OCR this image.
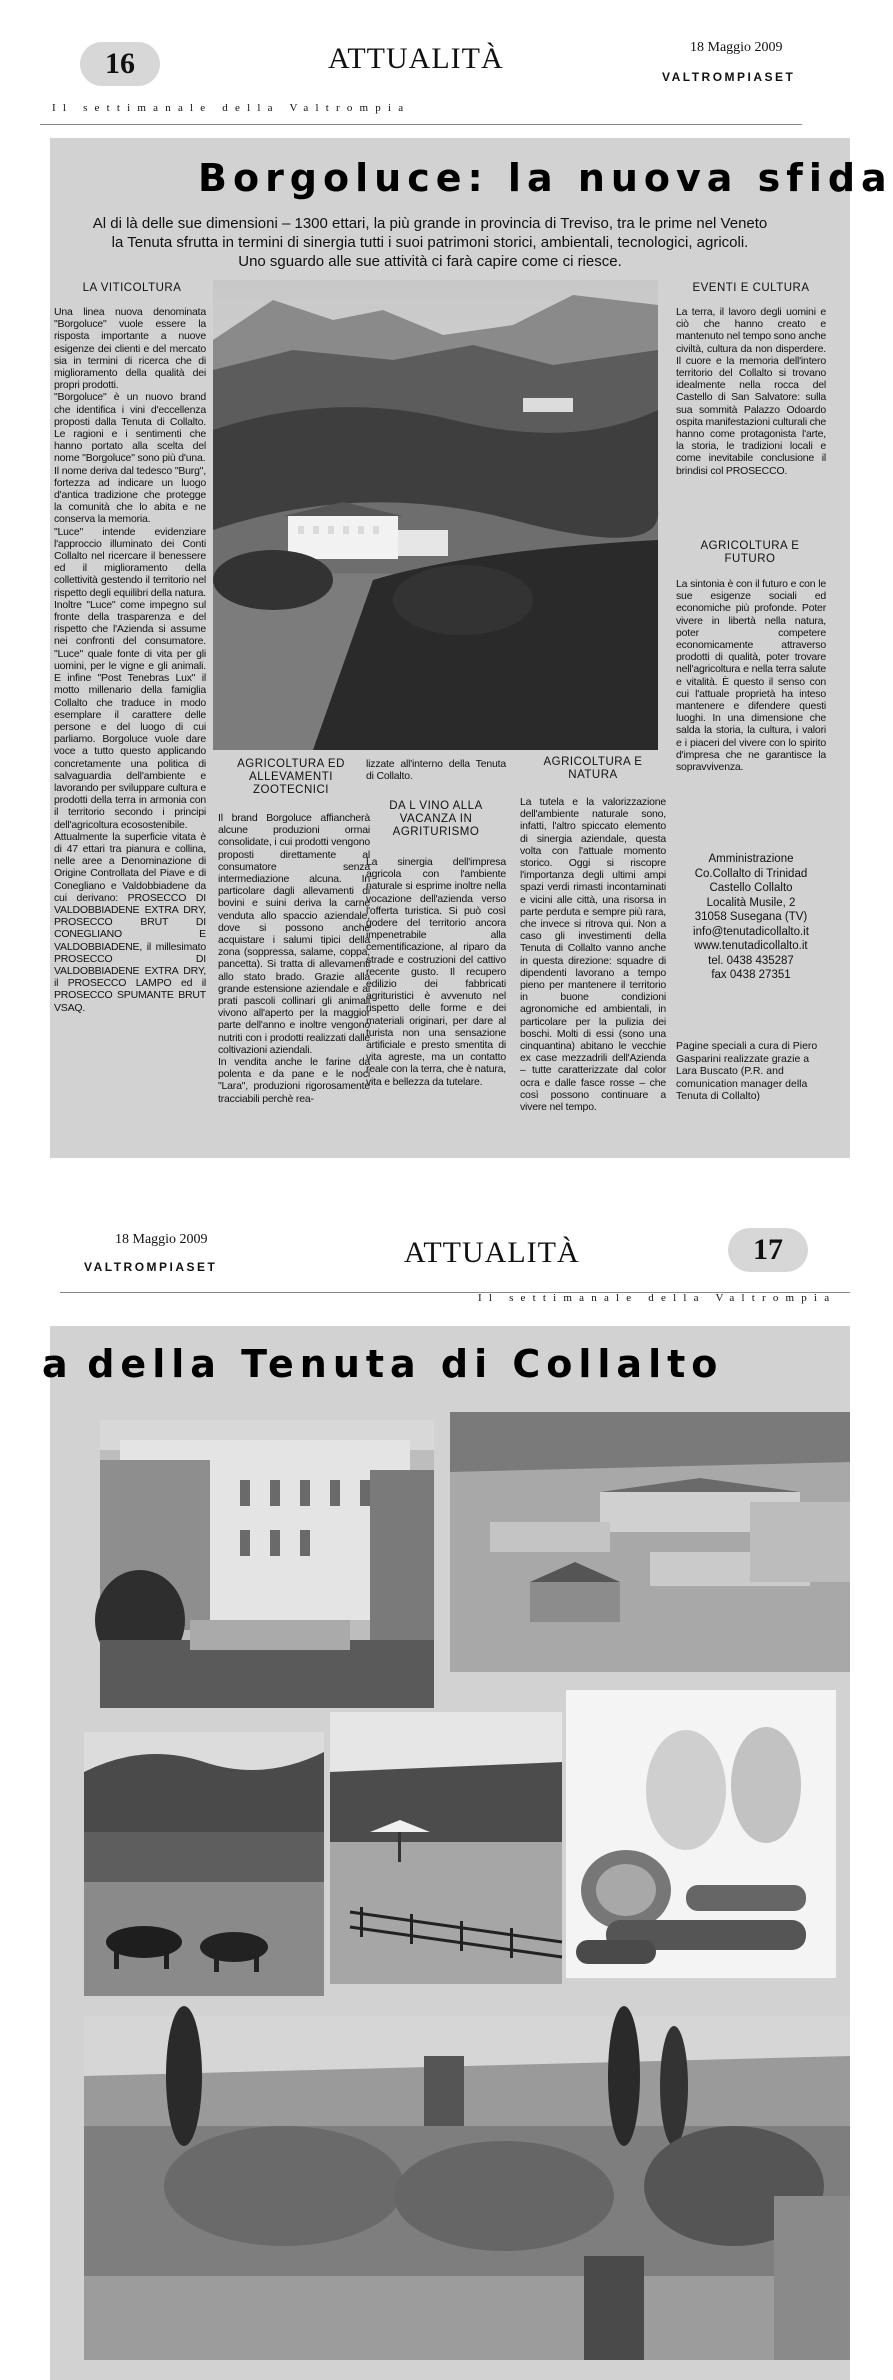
16	ATTUALITÀ	18 Maggio 2009
VALTROMPIASET
Il settimanale della Valtrompia
Borgoluce: la nuova sfida
Al di là delle sue dimensioni – 1300 ettari, la più grande in provincia di Treviso, tra le prime nel Veneto
la Tenuta sfrutta in termini di sinergia tutti i suoi patrimoni storici, ambientali, tecnologici, agricoli.
Uno sguardo alle sue attività ci farà capire come ci riesce.
LA VITICOLTURA
Una linea nuova denominata "Borgoluce" vuole essere la risposta importante a nuove esigenze dei clienti e del mercato sia in termini di ricerca che di miglioramento della qualità dei propri prodotti.
"Borgoluce" è un nuovo brand che identifica i vini d'eccellenza proposti dalla Tenuta di Collalto. Le ragioni e i sentimenti che hanno portato alla scelta del nome "Borgoluce" sono più d'una.
Il nome deriva dal tedesco "Burg", fortezza ad indicare un luogo d'antica tradizione che protegge la comunità che lo abita e ne conserva la memoria.
"Luce" intende evidenziare l'approccio illuminato dei Conti Collalto nel ricercare il benessere ed il miglioramento della collettività gestendo il territorio nel rispetto degli equilibri della natura. Inoltre "Luce" come impegno sul fronte della trasparenza e del rispetto che l'Azienda si assume nei confronti del consumatore. "Luce" quale fonte di vita per gli uomini, per le vigne e gli animali. E infine "Post Tenebras Lux" il motto millenario della famiglia Collalto che traduce in modo esemplare il carattere delle persone e del luogo di cui parliamo. Borgoluce vuole dare voce a tutto questo applicando concretamente una politica di salvaguardia dell'ambiente e lavorando per sviluppare cultura e prodotti della terra in armonia con il territorio secondo i principi dell'agricoltura ecosostenibile.
Attualmente la superficie vitata è di 47 ettari tra pianura e collina, nelle aree a Denominazione di Origine Controllata del Piave e di Conegliano e Valdobbiadene da cui derivano: PROSECCO DI VALDOBBIADENE EXTRA DRY, PROSECCO BRUT DI CONEGLIANO E VALDOBBIADENE, il millesimato PROSECCO DI VALDOBBIADENE EXTRA DRY, il PROSECCO LAMPO ed il PROSECCO SPUMANTE BRUT VSAQ.
AGRICOLTURA ED ALLEVAMENTI ZOOTECNICI
Il brand Borgoluce affiancherà alcune produzioni ormai consolidate, i cui prodotti vengono proposti direttamente al consumatore senza intermediazione alcuna. In particolare dagli allevamenti di bovini e suini deriva la carne venduta allo spaccio aziendale, dove si possono anche acquistare i salumi tipici della zona (soppressa, salame, coppa, pancetta). Si tratta di allevamenti allo stato brado. Grazie alla grande estensione aziendale e ai prati pascoli collinari gli animali vivono all'aperto per la maggior parte dell'anno e inoltre vengono nutriti con i prodotti realizzati dalle coltivazioni aziendali.
In vendita anche le farine da polenta e da pane e le noci "Lara", produzioni rigorosamente tracciabili perchè rea-
lizzate all'interno della Tenuta di Collalto.
DA L VINO ALLA VACANZA IN AGRITURISMO
La sinergia dell'impresa agricola con l'ambiente naturale si esprime inoltre nella vocazione dell'azienda verso l'offerta turistica. Si può così godere del territorio ancora impenetrabile alla cementificazione, al riparo da strade e costruzioni del cattivo recente gusto. Il recupero edilizio dei fabbricati agrituristici è avvenuto nel rispetto delle forme e dei materiali originari, per dare al turista non una sensazione artificiale e presto smentita di vita agreste, ma un contatto reale con la terra, che è natura, vita e bellezza da tutelare.
AGRICOLTURA E NATURA
La tutela e la valorizzazione dell'ambiente naturale sono, infatti, l'altro spiccato elemento di sinergia aziendale, questa volta con l'attuale momento storico. Oggi si riscopre l'importanza degli ultimi ampi spazi verdi rimasti incontaminati e vicini alle città, una risorsa in parte perduta e sempre più rara, che invece si ritrova qui. Non a caso gli investimenti della Tenuta di Collalto vanno anche in questa direzione: squadre di dipendenti lavorano a tempo pieno per mantenere il territorio in buone condizioni agronomiche ed ambientali, in particolare per la pulizia dei boschi. Molti di essi (sono una cinquantina) abitano le vecchie ex case mezzadrili dell'Azienda – tutte caratterizzate dal color ocra e dalle fasce rosse – che così possono continuare a vivere nel tempo.
EVENTI E CULTURA
La terra, il lavoro degli uomini e ciò che hanno creato e mantenuto nel tempo sono anche civiltà, cultura da non disperdere. Il cuore e la memoria dell'intero territorio del Collalto si trovano idealmente nella rocca del Castello di San Salvatore: sulla sua sommità Palazzo Odoardo ospita manifestazioni culturali che hanno come protagonista l'arte, la storia, le tradizioni locali e come inevitabile conclusione il brindisi col PROSECCO.
AGRICOLTURA E FUTURO
La sintonia è con il futuro e con le sue esigenze sociali ed economiche più profonde. Poter vivere in libertà nella natura, poter competere economicamente attraverso prodotti di qualità, poter trovare nell'agricoltura e nella terra salute e vitalità. È questo il senso con cui l'attuale proprietà ha inteso mantenere e difendere questi luoghi. In una dimensione che salda la storia, la cultura, i valori e i piaceri del vivere con lo spirito d'impresa che ne garantisce la sopravvivenza.
Amministrazione
Co.Collalto di Trinidad
Castello Collalto
Località Musile, 2
31058 Susegana (TV)
info@tenutadicollalto.it
www.tenutadicollalto.it
tel. 0438 435287
fax 0438 27351
Pagine speciali a cura di Piero Gasparini realizzate grazie a Lara Buscato (P.R. and comunication manager della Tenuta di Collalto)
18 Maggio 2009
VALTROMPIASET	ATTUALITÀ	17
Il settimanale della Valtrompia
a della Tenuta di Collalto
